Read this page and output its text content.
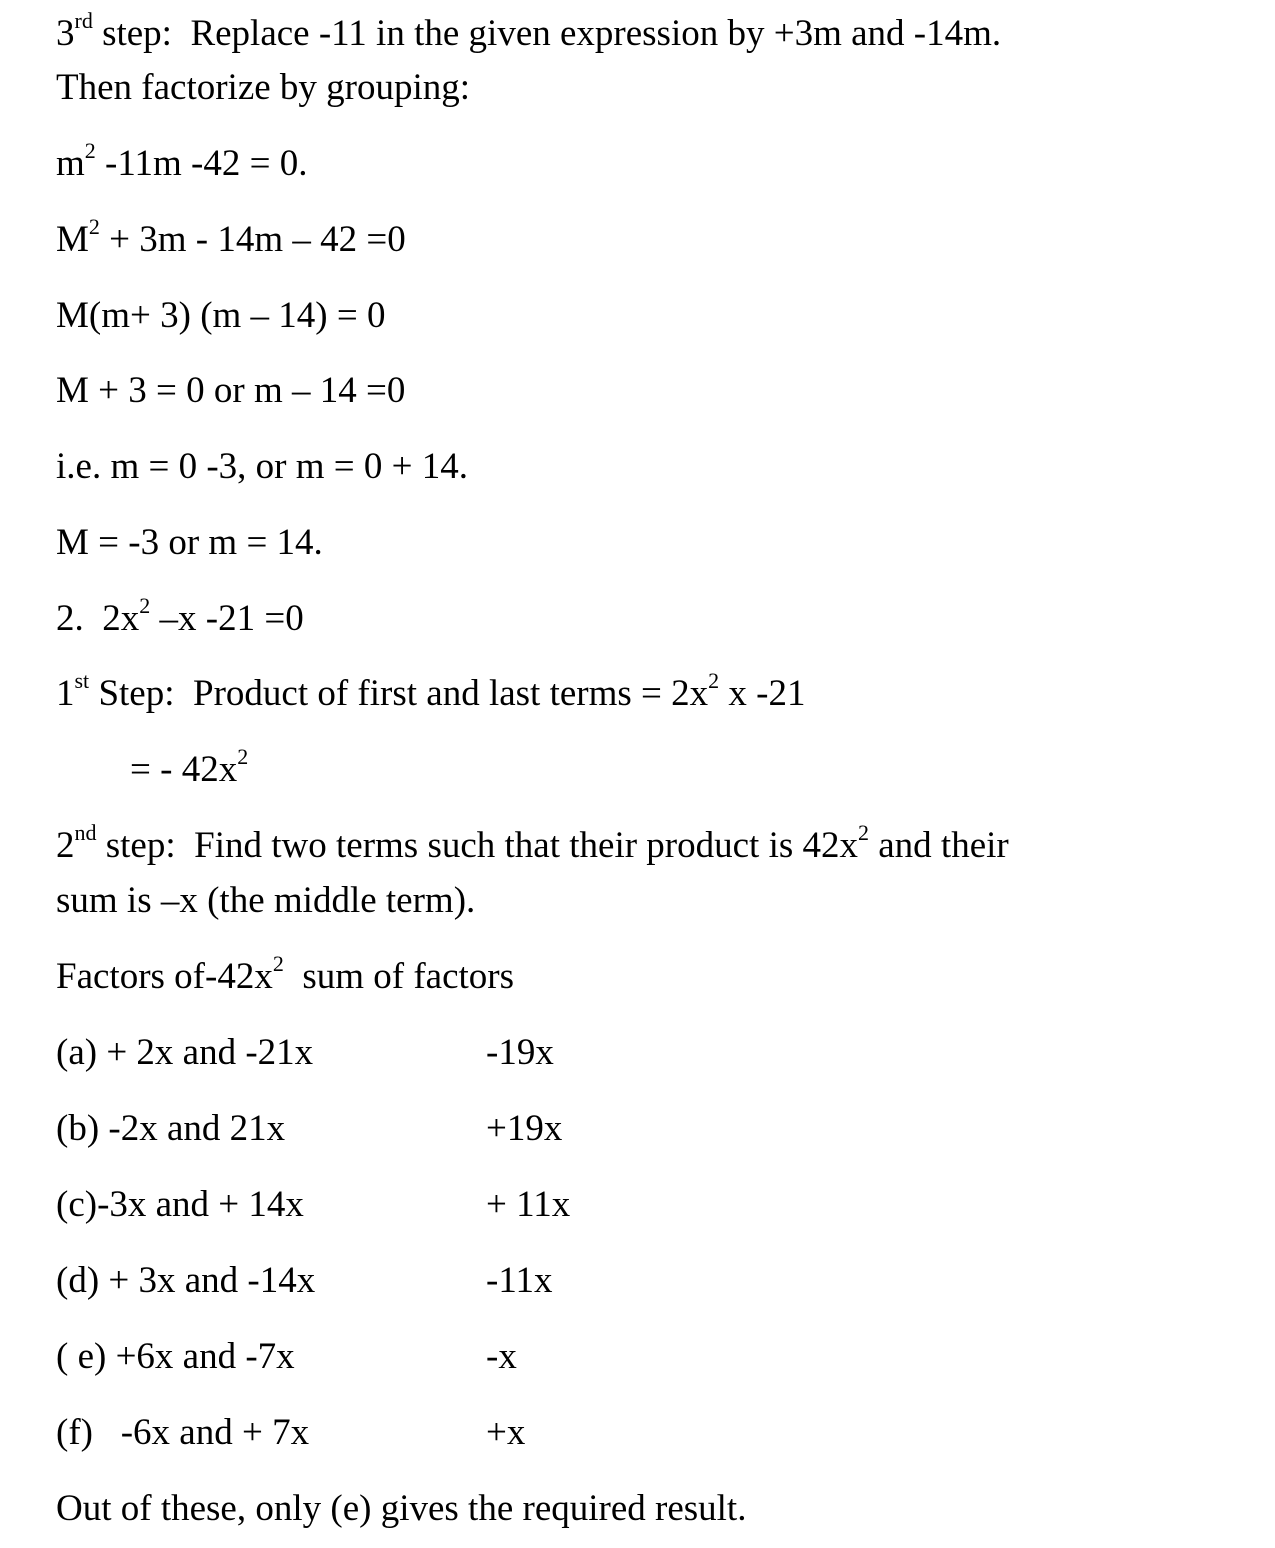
3rd step:  Replace -11 in the given expression by +3m and -14m.
Then factorize by grouping:
$m^2$ -11m -42 = 0.
$M^2 + 3m - 14m - 42 =0$
M(m+ 3) (m – 14) = 0
M + 3 = 0 or m – 14 =0
i.e. m = 0 -3, or m = 0 + 14.
M = -3 or m = 14.
2.  $2x^2$ –x -21 =0
1st Step:  Product of first and last terms = $2x^2$ x -21
= - $42x^2$
2nd step:  Find two terms such that their product is $42x^2$ and their
sum is –x (the middle term).
Factors $of-42x^2$  sum of factors
(a) + 2x and -21x	-19x
(b) -2x and 21x	+19x
(c)-3x and + 14x	+ 11x
(d) + 3x and -14x	-11x
( e) +6x and -7x	-x
(f)   -6x and + 7x	+x
Out of these, only (e) gives the required result.
